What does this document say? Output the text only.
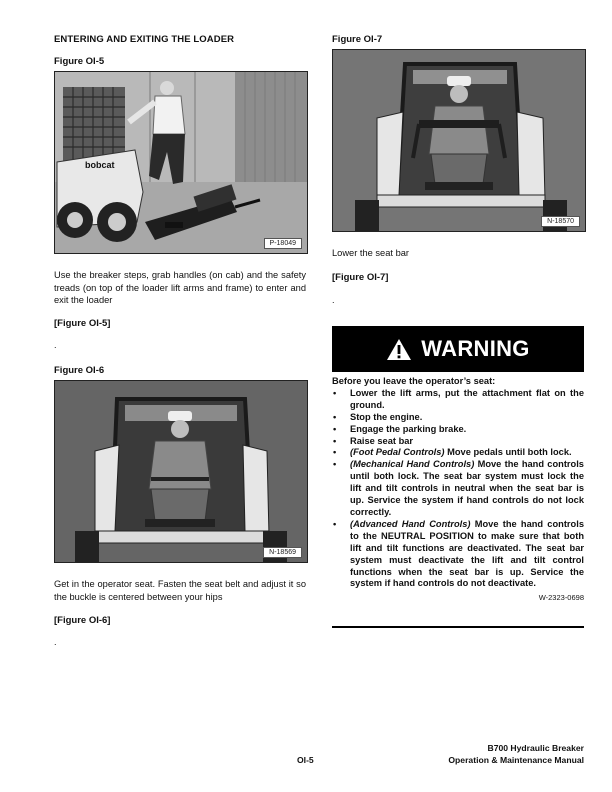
ENTERING AND EXITING THE LOADER
Figure OI-5
bobcat
P-18049
Use the breaker steps, grab handles (on cab) and the safety treads (on top of the loader lift arms and frame) to enter and exit the loader
[Figure OI-5]
.
Figure OI-6
N-18569
Get in the operator seat. Fasten the seat belt and adjust it so the buckle is centered between your hips
[Figure OI-6]
.
Figure OI-7
N-18570
Lower the seat bar
[Figure OI-7]
.
WARNING
Before you leave the operator’s seat:
• Lower the lift arms, put the attachment flat on the ground.
• Stop the engine.
• Engage the parking brake.
• Raise seat bar
• (Foot Pedal Controls) Move pedals until both lock.
• (Mechanical Hand Controls) Move the hand controls until both lock. The seat bar system must lock the lift and tilt controls in neutral when the seat bar is up. Service the system if hand controls do not lock correctly.
• (Advanced Hand Controls) Move the hand controls to the NEUTRAL POSITION to make sure that both lift and tilt functions are deactivated. The seat bar system must deactivate the lift and tilt control functions when the seat bar is up. Service the system if hand controls do not deactivate.
W-2323-0698
OI-5
B700 Hydraulic Breaker
Operation & Maintenance Manual
